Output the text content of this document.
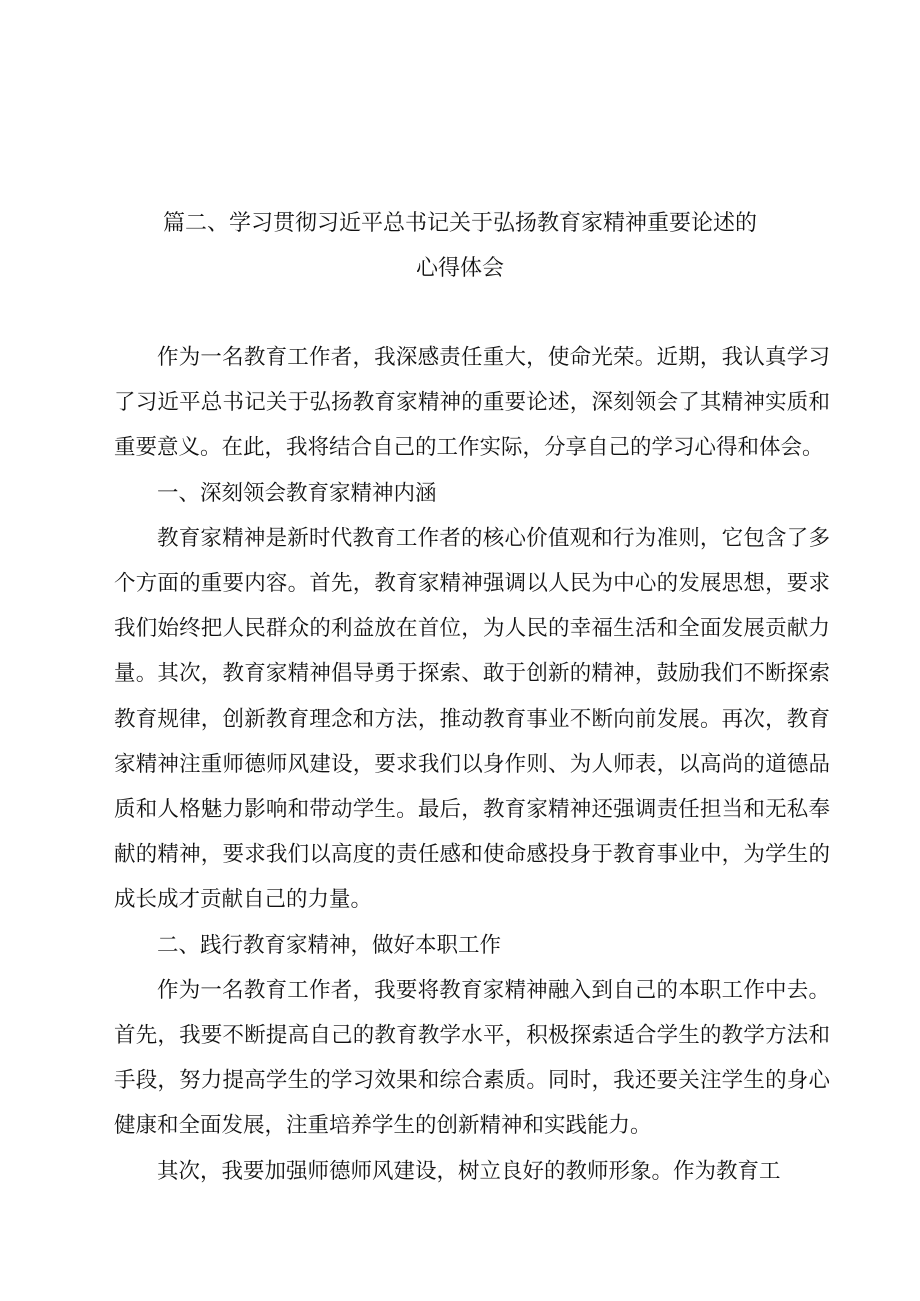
篇二、学习贯彻习近平总书记关于弘扬教育家精神重要论述的
心得体会

作为一名教育工作者，我深感责任重大，使命光荣。近期，我认真学习了习近平总书记关于弘扬教育家精神的重要论述，深刻领会了其精神实质和重要意义。在此，我将结合自己的工作实际，分享自己的学习心得和体会。

一、深刻领会教育家精神内涵

教育家精神是新时代教育工作者的核心价值观和行为准则，它包含了多个方面的重要内容。首先，教育家精神强调以人民为中心的发展思想，要求我们始终把人民群众的利益放在首位，为人民的幸福生活和全面发展贡献力量。其次，教育家精神倡导勇于探索、敢于创新的精神，鼓励我们不断探索教育规律，创新教育理念和方法，推动教育事业不断向前发展。再次，教育家精神注重师德师风建设，要求我们以身作则、为人师表，以高尚的道德品质和人格魅力影响和带动学生。最后，教育家精神还强调责任担当和无私奉献的精神，要求我们以高度的责任感和使命感投身于教育事业中，为学生的成长成才贡献自己的力量。

二、践行教育家精神，做好本职工作

作为一名教育工作者，我要将教育家精神融入到自己的本职工作中去。首先，我要不断提高自己的教育教学水平，积极探索适合学生的教学方法和手段，努力提高学生的学习效果和综合素质。同时，我还要关注学生的身心健康和全面发展，注重培养学生的创新精神和实践能力。

其次，我要加强师德师风建设，树立良好的教师形象。作为教育工
